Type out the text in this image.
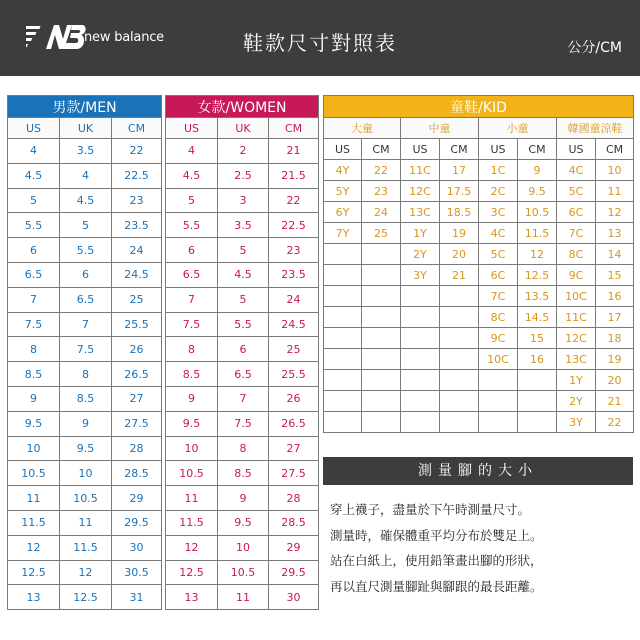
new balance	鞋款尺寸對照表	公分/CM
男款/MEN		
US	UK	CM
4	3.5	22
4.5	4	22.5
5	4.5	23
5.5	5	23.5
6	5.5	24
6.5	6	24.5
7	6.5	25
7.5	7	25.5
8	7.5	26
8.5	8	26.5
9	8.5	27
9.5	9	27.5
10	9.5	28
10.5	10	28.5
11	10.5	29
11.5	11	29.5
12	11.5	30
12.5	12	30.5
13	12.5	31
女款/WOMEN		
US	UK	CM
4	2	21
4.5	2.5	21.5
5	3	22
5.5	3.5	22.5
6	5	23
6.5	4.5	23.5
7	5	24
7.5	5.5	24.5
8	6	25
8.5	6.5	25.5
9	7	26
9.5	7.5	26.5
10	8	27
10.5	8.5	27.5
11	9	28
11.5	9.5	28.5
12	10	29
12.5	10.5	29.5
13	11	30
童鞋/KID							
大童		中童		小童		韓國童涼鞋	
US	CM	US	CM	US	CM	US	CM
4Y	22	11C	17	1C	9	4C	10
5Y	23	12C	17.5	2C	9.5	5C	11
6Y	24	13C	18.5	3C	10.5	6C	12
7Y	25	1Y	19	4C	11.5	7C	13
		2Y	20	5C	12	8C	14
		3Y	21	6C	12.5	9C	15
				7C	13.5	10C	16
				8C	14.5	11C	17
				9C	15	12C	18
				10C	16	13C	19
						1Y	20
						2Y	21
						3Y	22
測量腳的大小
穿上襪子，盡量於下午時測量尺寸。
測量時，確保體重平均分布於雙足上。
站在白紙上，使用鉛筆畫出腳的形狀，
再以直尺測量腳趾與腳跟的最長距離。
